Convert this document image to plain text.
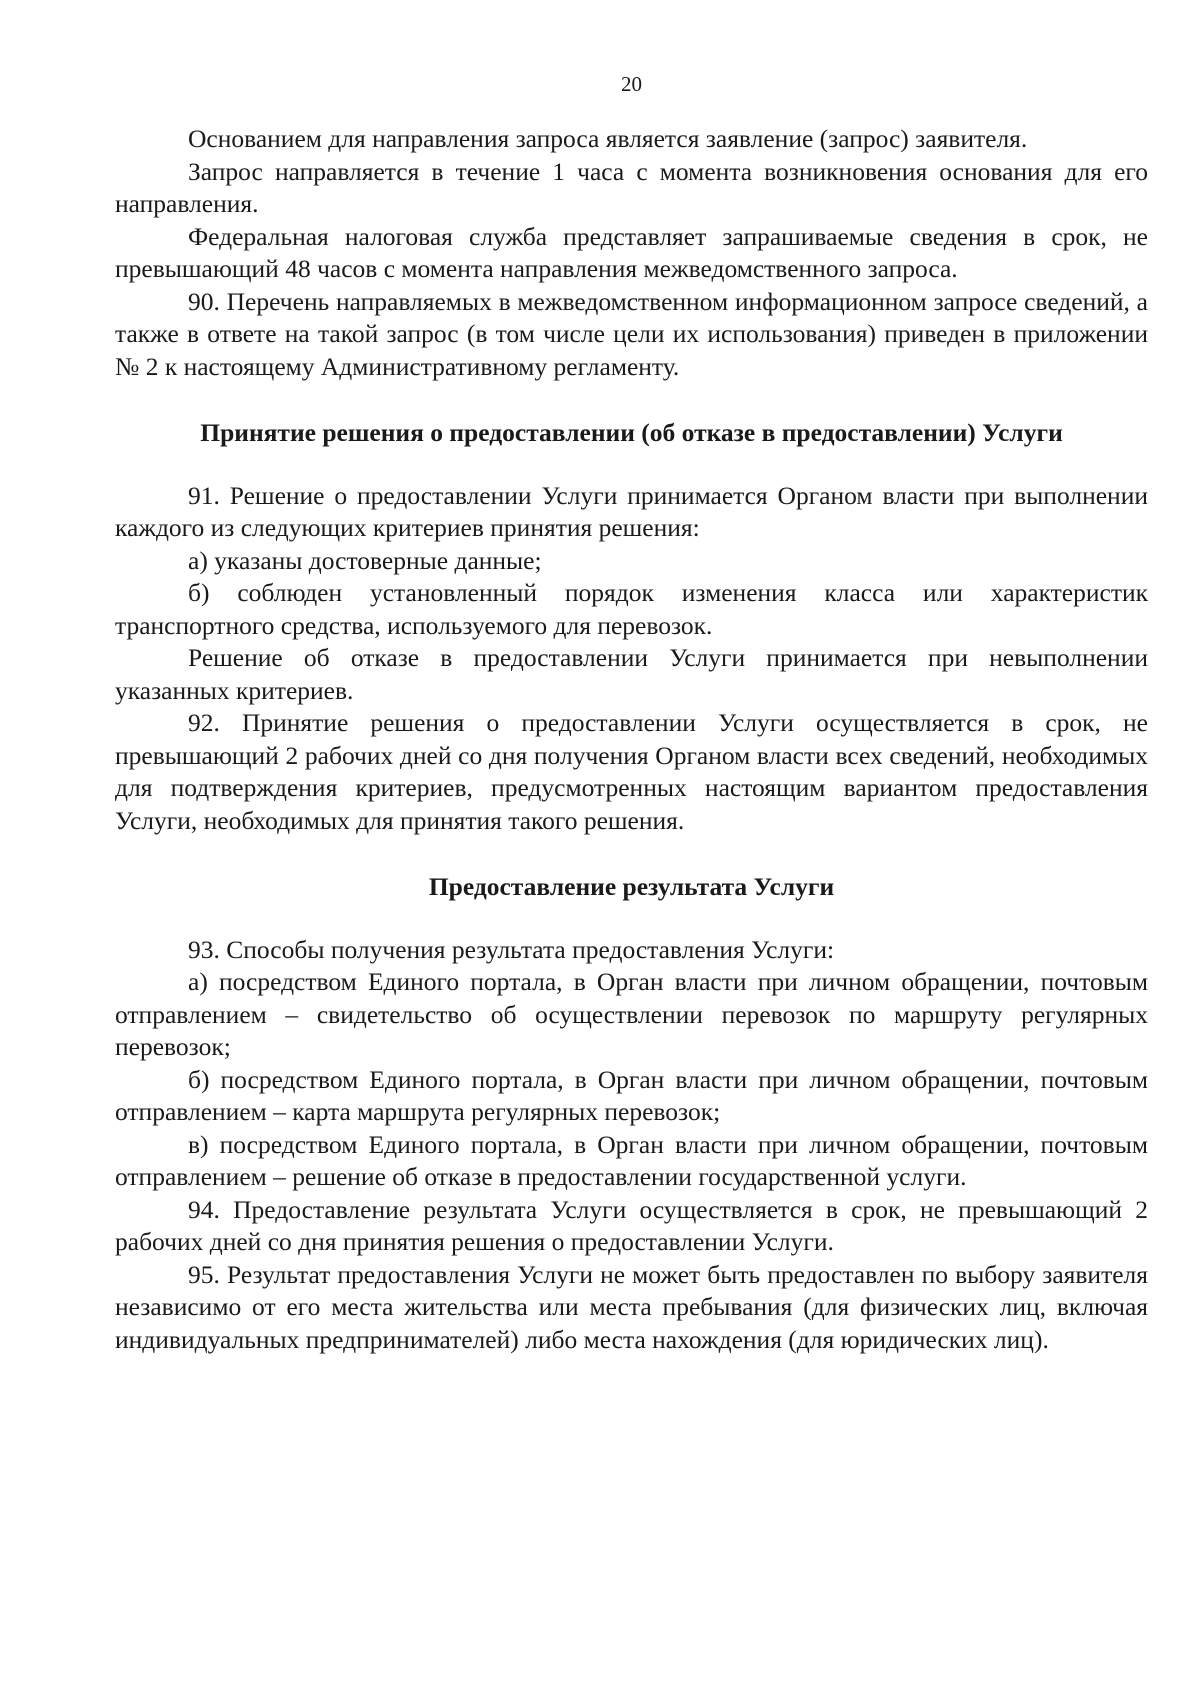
20

Основанием для направления запроса является заявление (запрос) заявителя.

Запрос направляется в течение 1 часа с момента возникновения основания для его направления.

Федеральная налоговая служба представляет запрашиваемые сведения в срок, не превышающий 48 часов с момента направления межведомственного запроса.

90. Перечень направляемых в межведомственном информационном запросе сведений, а также в ответе на такой запрос (в том числе цели их использования) приведен в приложении № 2 к настоящему Административному регламенту.

Принятие решения о предоставлении (об отказе в предоставлении) Услуги

91. Решение о предоставлении Услуги принимается Органом власти при выполнении каждого из следующих критериев принятия решения:

а) указаны достоверные данные;

б) соблюден установленный порядок изменения класса или характеристик транспортного средства, используемого для перевозок.

Решение об отказе в предоставлении Услуги принимается при невыполнении указанных критериев.

92. Принятие решения о предоставлении Услуги осуществляется в срок, не превышающий 2 рабочих дней со дня получения Органом власти всех сведений, необходимых для подтверждения критериев, предусмотренных настоящим вариантом предоставления Услуги, необходимых для принятия такого решения.

Предоставление результата Услуги

93. Способы получения результата предоставления Услуги:

а) посредством Единого портала, в Орган власти при личном обращении, почтовым отправлением – свидетельство об осуществлении перевозок по маршруту регулярных перевозок;

б) посредством Единого портала, в Орган власти при личном обращении, почтовым отправлением – карта маршрута регулярных перевозок;

в) посредством Единого портала, в Орган власти при личном обращении, почтовым отправлением – решение об отказе в предоставлении государственной услуги.

94. Предоставление результата Услуги осуществляется в срок, не превышающий 2 рабочих дней со дня принятия решения о предоставлении Услуги.

95. Результат предоставления Услуги не может быть предоставлен по выбору заявителя независимо от его места жительства или места пребывания (для физических лиц, включая индивидуальных предпринимателей) либо места нахождения (для юридических лиц).
